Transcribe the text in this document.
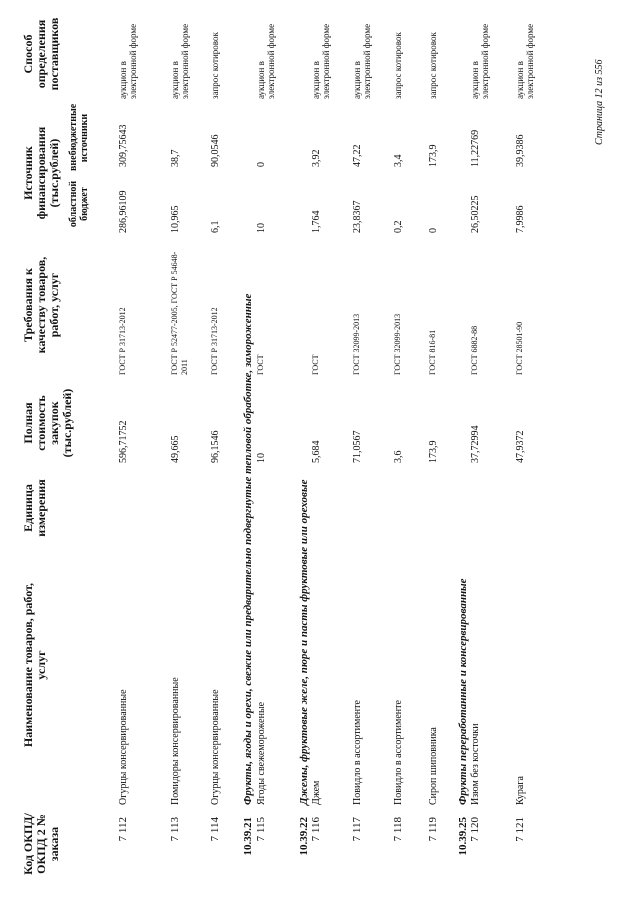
Код ОКПД/ ОКПД 2 № заказа
Наименование товаров, работ, услуг
Единица измерения
Полная стоимость закупок (тыс.рублей)
Требования к качеству товаров, работ, услуг
Источник финансирования (тыс.рублей) областной бюджет
внебюджетные источники
Способ определения поставщиков
7 112
Огурцы консервированные
596,71752
ГОСТ Р 31713-2012
286,96109
309,75643
аукцион в электронной форме
7 113
Помидоры консервированные
49,665
ГОСТ Р 52477-2005, ГОСТ Р 54648-2011
10,965
38,7
аукцион в электронной форме
7 114
Огурцы консервированные
96,1546
ГОСТ Р 31713-2012
6,1
90,0546
запрос котировок
10.39.21
Фрукты, ягоды и орехи, свежие или предварительно подвергнутые тепловой обработке, замороженные
7 115
Ягоды свежемороженые
10
ГОСТ
10
0
аукцион в электронной форме
10.39.22
Джемы, фруктовые желе, пюре и пасты фруктовые или ореховые
7 116
Джем
5,684
ГОСТ
1,764
3,92
аукцион в электронной форме
7 117
Повидло в ассортименте
71,0567
ГОСТ 32099-2013
23,8367
47,22
аукцион в электронной форме
7 118
Повидло в ассортименте
3,6
ГОСТ 32099-2013
0,2
3,4
запрос котировок
7 119
Сироп шиповника
173,9
ГОСТ 816-81
0
173,9
запрос котировок
10.39.25
Фрукты переработанные и консервированные
7 120
Изюм без косточки
37,72994
ГОСТ 6882-88
26,50225
11,22769
аукцион в электронной форме
7 121
Курага
47,9372
ГОСТ 28501-90
7,9986
39,9386
аукцион в электронной форме	Страница 12 из 556
